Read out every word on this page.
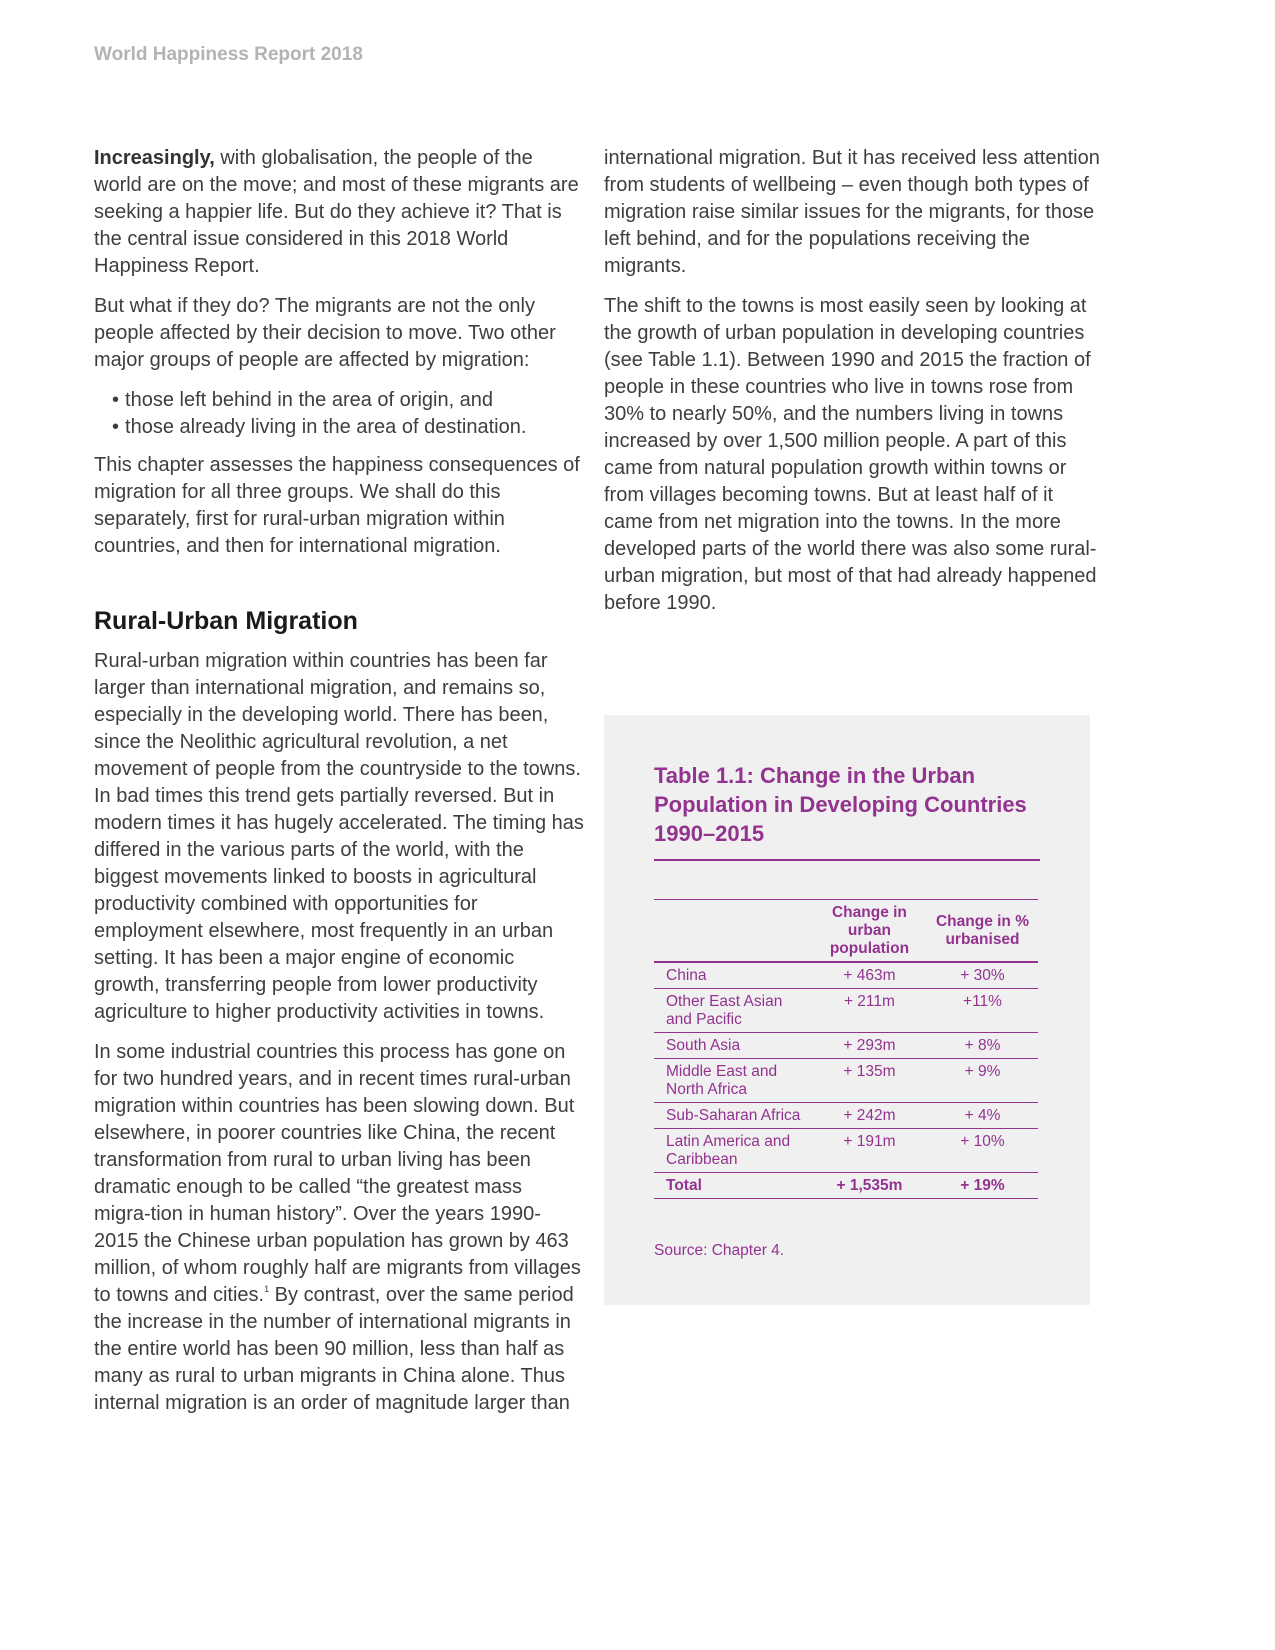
World Happiness Report 2018

Increasingly, with globalisation, the people of the world are on the move; and most of these migrants are seeking a happier life. But do they achieve it? That is the central issue considered in this 2018 World Happiness Report.

But what if they do? The migrants are not the only people affected by their decision to move. Two other major groups of people are affected by migration:

• those left behind in the area of origin, and
• those already living in the area of destination.

This chapter assesses the happiness consequences of migration for all three groups. We shall do this separately, first for rural-urban migration within countries, and then for international migration.

Rural-Urban Migration

Rural-urban migration within countries has been far larger than international migration, and remains so, especially in the developing world. There has been, since the Neolithic agricultural revolution, a net movement of people from the countryside to the towns. In bad times this trend gets partially reversed. But in modern times it has hugely accelerated. The timing has differed in the various parts of the world, with the biggest movements linked to boosts in agricultural productivity combined with opportunities for employment elsewhere, most frequently in an urban setting. It has been a major engine of economic growth, transferring people from lower productivity agriculture to higher productivity activities in towns.

In some industrial countries this process has gone on for two hundred years, and in recent times rural-urban migration within countries has been slowing down. But elsewhere, in poorer countries like China, the recent transformation from rural to urban living has been dramatic enough to be called “the greatest mass migra-tion in human history”. Over the years 1990-2015 the Chinese urban population has grown by 463 million, of whom roughly half are migrants from villages to towns and cities.$^1$ By contrast, over the same period the increase in the number of international migrants in the entire world has been 90 million, less than half as many as rural to urban migrants in China alone. Thus internal migration is an order of magnitude larger than

international migration. But it has received less attention from students of wellbeing – even though both types of migration raise similar issues for the migrants, for those left behind, and for the populations receiving the migrants.

The shift to the towns is most easily seen by looking at the growth of urban population in developing countries (see Table 1.1). Between 1990 and 2015 the fraction of people in these countries who live in towns rose from 30% to nearly 50%, and the numbers living in towns increased by over 1,500 million people. A part of this came from natural population growth within towns or from villages becoming towns. But at least half of it came from net migration into the towns. In the more developed parts of the world there was also some rural-urban migration, but most of that had already happened before 1990.

Table 1.1: Change in the Urban Population in Developing Countries 1990–2015
	Change in urban population	Change in % urbanised
China	+ 463m	+ 30%
Other East Asian and Pacific	+ 211m	+11%
South Asia	+ 293m	+ 8%
Middle East and North Africa	+ 135m	+ 9%
Sub-Saharan Africa	+ 242m	+ 4%
Latin America and Caribbean	+ 191m	+ 10%
Total	+ 1,535m	+ 19%

Source: Chapter 4.
